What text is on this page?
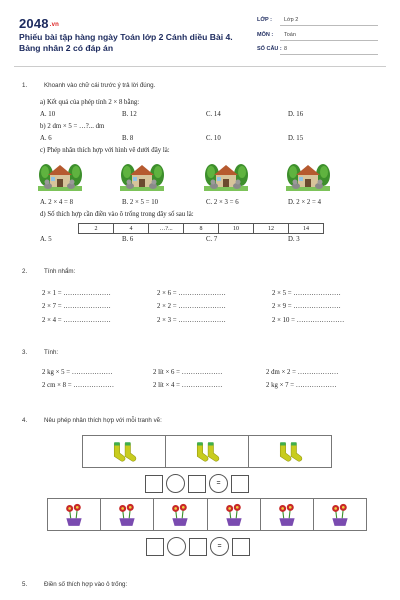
2048.vn
Phiếu bài tập hàng ngày Toán lớp 2 Cánh diều Bài 4. Bảng nhân 2 có đáp án
LỚP : Lớp 2
MÔN : Toán
SỐ CÂU : 8
1.	Khoanh vào chữ cái trước ý trả lời đúng.
a) Kết quả của phép tính 2 × 8 bằng:
A. 10	B. 12	C. 14	D. 16
b) 2 dm × 5 = …?... dm
A. 6	B. 8	C. 10	D. 15
c) Phép nhân thích hợp với hình vẽ dưới đây là:
A. 2 × 4 = 8	B. 2 × 5 = 10	C. 2 × 3 = 6	D. 2 × 2 = 4
d) Số thích hợp cần điền vào ô trống trong dãy số sau là:
2	4	…?...	8	10	12	14
A. 5	B. 6	C. 7	D. 3
2.	Tính nhẩm:
2 × 1 = …………………	2 × 6 = …………………	2 × 5 = …………………
2 × 7 = …………………	2 × 2 = …………………	2 × 9 = …………………
2 × 4 = …………………	2 × 3 = …………………	2 × 10 = …………………
3.	Tính:
2 kg × 5 = ………………	2 lít × 6 = ………………	2 dm × 2 = ………………
2 cm × 8 = ………………	2 lít × 4 = ………………	2 kg × 7 = ………………
4.	Nêu phép nhân thích hợp với mỗi tranh vẽ:
=
=
5.	Điền số thích hợp vào ô trống:
